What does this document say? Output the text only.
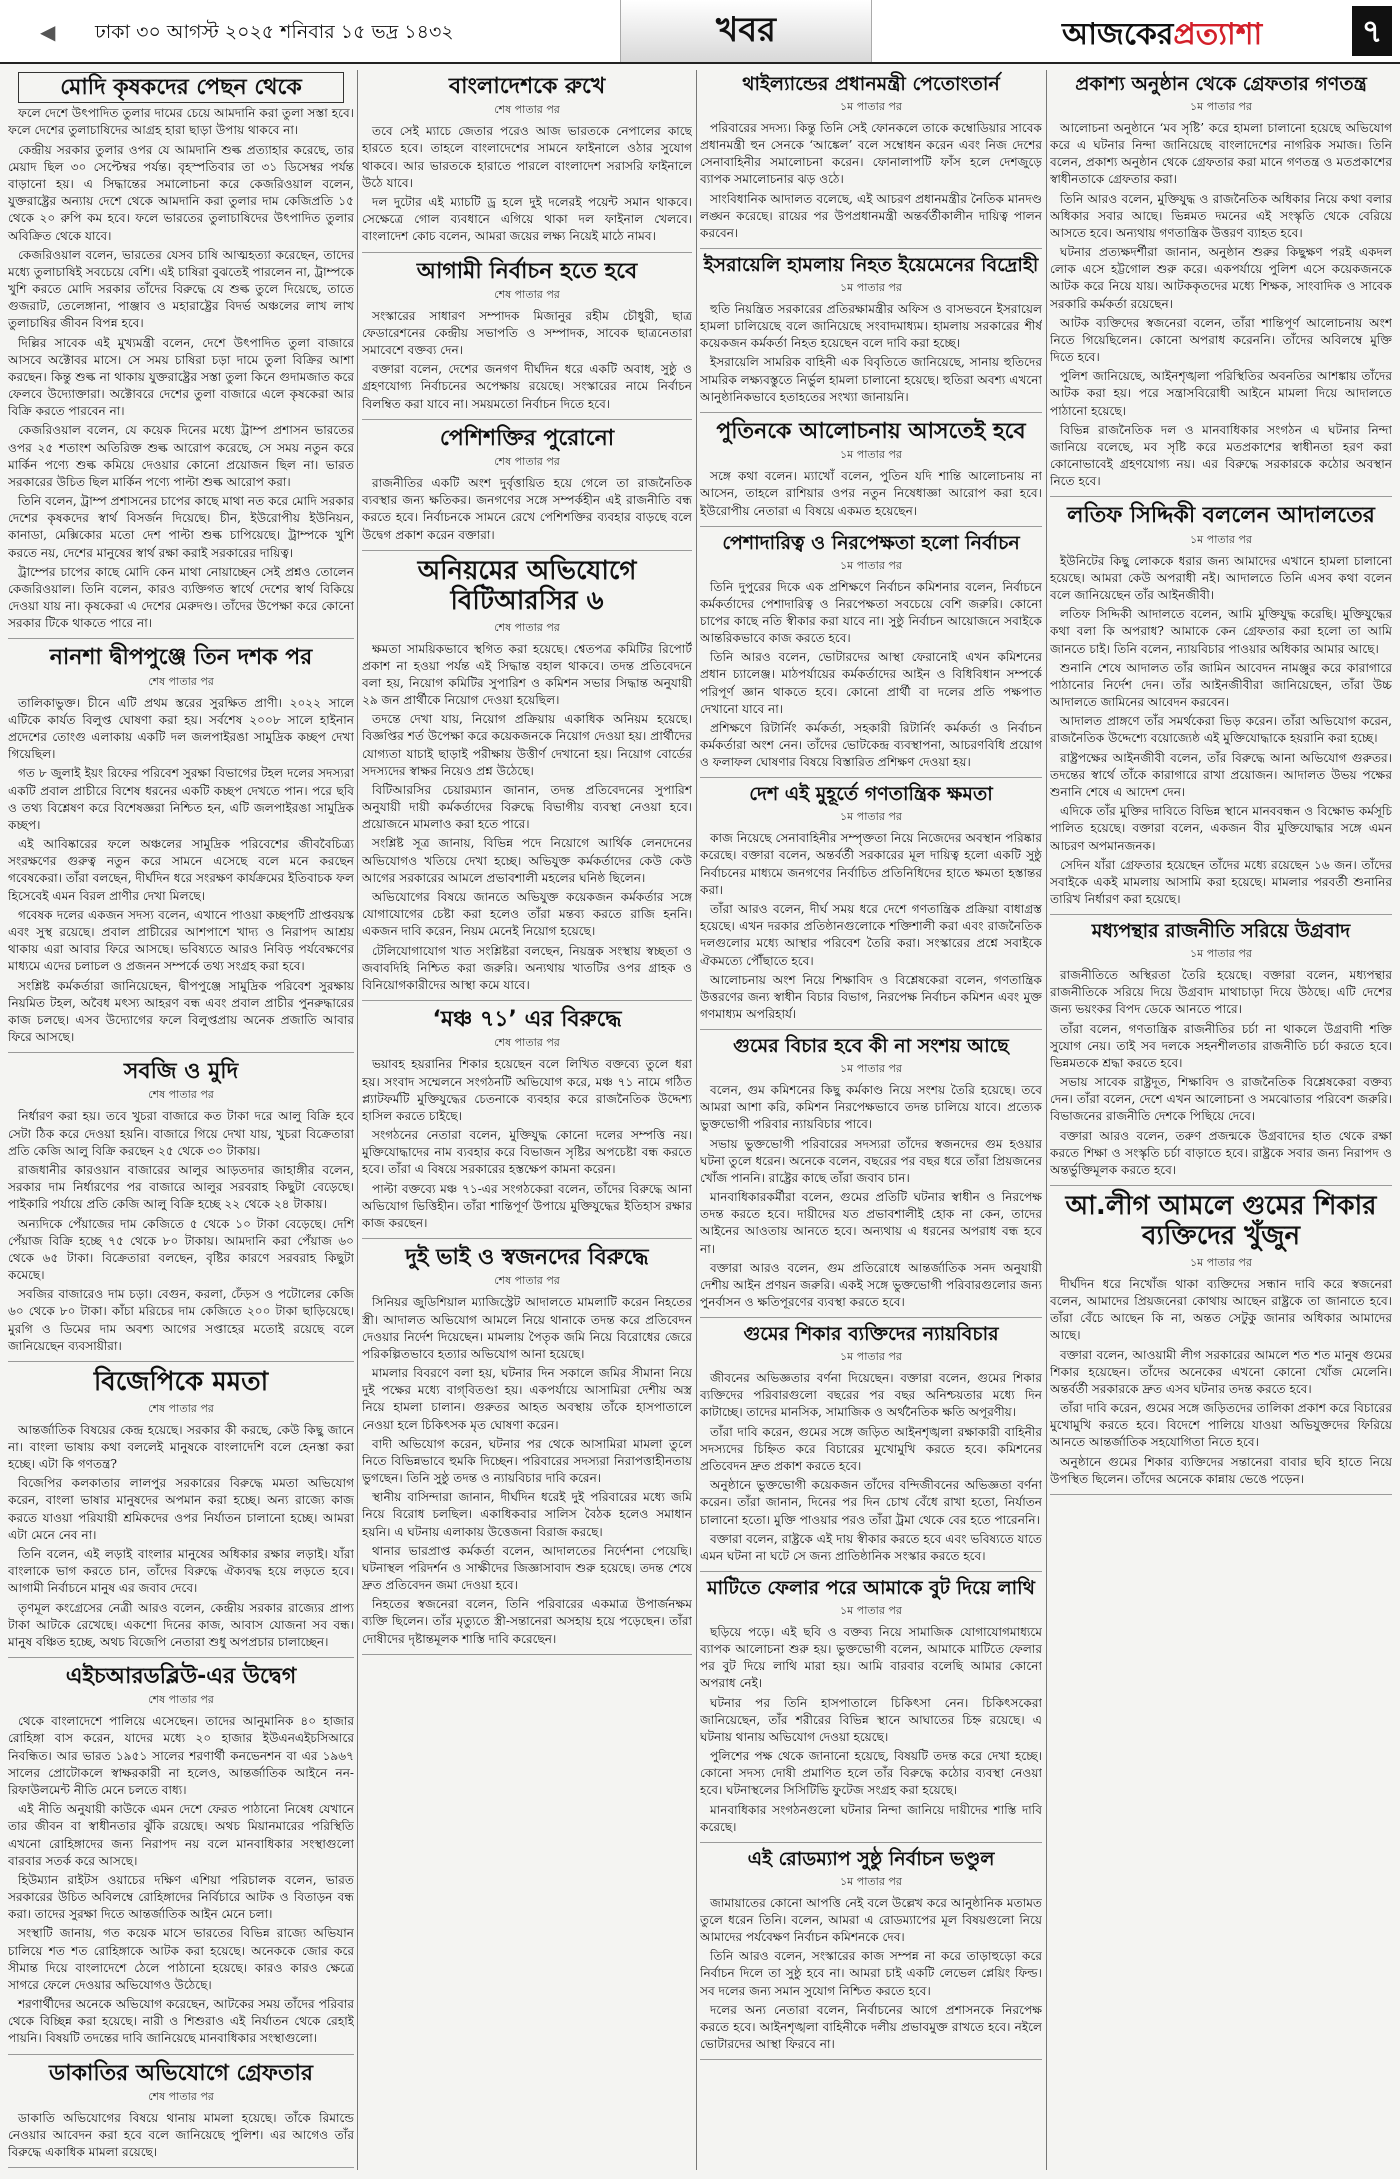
◀ ঢাকা ৩০ আগস্ট ২০২৫ শনিবার ১৫ ভদ্র ১৪৩২	খবর	আজকেরপ্রত্যাশা	৭
মোদি কৃষকদের পেছন থেকে

ফলে দেশে উৎপাদিত তুলার দামের চেয়ে আমদানি করা তুলা সস্তা হবে। ফলে দেশের তুলাচাষিদের আগ্রহ হারা ছাড়া উপায় থাকবে না।

কেন্দ্রীয় সরকার তুলার ওপর যে আমদানি শুল্ক প্রত্যাহার করেছে, তার মেয়াদ ছিল ৩০ সেপ্টেম্বর পর্যন্ত। বৃহস্পতিবার তা ৩১ ডিসেম্বর পর্যন্ত বাড়ানো হয়। এ সিদ্ধান্তের সমালোচনা করে কেজরিওয়াল বলেন, যুক্তরাষ্ট্রের অন্যায় দেশে থেকে আমদানি করা তুলার দাম কেজিপ্রতি ১৫ থেকে ২০ রুপি কম হবে। ফলে ভারতের তুলাচাষিদের উৎপাদিত তুলার অবিক্রিত থেকে যাবে।

কেজরিওয়াল বলেন, ভারতের যেসব চাষি আত্মহত্যা করেছেন, তাদের মধ্যে তুলাচাষিই সবচেয়ে বেশি। এই চাষিরা বুঝতেই পারলেন না, ট্রাম্পকে খুশি করতে মোদি সরকার তাঁদের বিরুদ্ধে যে শুল্ক তুলে দিয়েছে, তাতে গুজরাট, তেলেঙ্গানা, পাঞ্জাব ও মহারাষ্ট্রের বিদর্ভ অঞ্চলের লাখ লাখ তুলাচাষির জীবন বিপন্ন হবে।

দিল্লির সাবেক এই মুখ্যমন্ত্রী বলেন, দেশে উৎপাদিত তুলা বাজারে আসবে অক্টোবর মাসে। সে সময় চাষিরা চড়া দামে তুলা বিক্রির আশা করছেন। কিন্তু শুল্ক না থাকায় যুক্তরাষ্ট্রের সস্তা তুলা কিনে গুদামজাত করে ফেলবে উদ্যোক্তারা। অক্টোবরে দেশের তুলা বাজারে এলে কৃষকেরা আর বিক্রি করতে পারবেন না।

কেজরিওয়াল বলেন, যে কয়েক দিনের মধ্যে ট্রাম্প প্রশাসন ভারতের ওপর ২৫ শতাংশ অতিরিক্ত শুল্ক আরোপ করেছে, সে সময় নতুন করে মার্কিন পণ্যে শুল্ক কমিয়ে দেওয়ার কোনো প্রয়োজন ছিল না। ভারত সরকারের উচিত ছিল মার্কিন পণ্যে পাল্টা শুল্ক আরোপ করা।

তিনি বলেন, ট্রাম্প প্রশাসনের চাপের কাছে মাথা নত করে মোদি সরকার দেশের কৃষকদের স্বার্থ বিসর্জন দিয়েছে। চীন, ইউরোপীয় ইউনিয়ন, কানাডা, মেক্সিকোর মতো দেশ পাল্টা শুল্ক চাপিয়েছে। ট্রাম্পকে খুশি করতে নয়, দেশের মানুষের স্বার্থ রক্ষা করাই সরকারের দায়িত্ব।

ট্রাম্পের চাপের কাছে মোদি কেন মাথা নোয়াচ্ছেন সেই প্রশ্নও তোলেন কেজরিওয়াল। তিনি বলেন, কারও ব্যক্তিগত স্বার্থে দেশের স্বার্থ বিকিয়ে দেওয়া যায় না। কৃষকেরা এ দেশের মেরুদণ্ড। তাঁদের উপেক্ষা করে কোনো সরকার টিকে থাকতে পারে না।

নানশা দ্বীপপুঞ্জে তিন দশক পর
শেষ পাতার পর

তালিকাভুক্ত। চীনে এটি প্রথম স্তরের সুরক্ষিত প্রাণী। ২০২২ সালে এটিকে কার্যত বিলুপ্ত ঘোষণা করা হয়। সর্বশেষ ২০০৮ সালে হাইনান প্রদেশের তোংগু এলাকায় একটি দল জলপাইরঙা সামুদ্রিক কচ্ছপ দেখা গিয়েছিল।

গত ৮ জুলাই ইয়ং রিফের পরিবেশ সুরক্ষা বিভাগের টহল দলের সদস্যরা একটি প্রবাল প্রাচীরে বিশেষ ধরনের একটি কচ্ছপ দেখতে পান। পরে ছবি ও তথ্য বিশ্লেষণ করে বিশেষজ্ঞরা নিশ্চিত হন, এটি জলপাইরঙা সামুদ্রিক কচ্ছপ।

এই আবিষ্কারের ফলে অঞ্চলের সামুদ্রিক পরিবেশের জীববৈচিত্র্য সংরক্ষণের গুরুত্ব নতুন করে সামনে এসেছে বলে মনে করছেন গবেষকেরা। তাঁরা বলছেন, দীর্ঘদিন ধরে সংরক্ষণ কার্যক্রমের ইতিবাচক ফল হিসেবেই এমন বিরল প্রাণীর দেখা মিলছে।

গবেষক দলের একজন সদস্য বলেন, এখানে পাওয়া কচ্ছপটি প্রাপ্তবয়স্ক এবং সুস্থ রয়েছে। প্রবাল প্রাচীরের আশপাশে খাদ্য ও নিরাপদ আশ্রয় থাকায় এরা আবার ফিরে আসছে। ভবিষ্যতে আরও নিবিড় পর্যবেক্ষণের মাধ্যমে এদের চলাচল ও প্রজনন সম্পর্কে তথ্য সংগ্রহ করা হবে।

সংশ্লিষ্ট কর্মকর্তারা জানিয়েছেন, দ্বীপপুঞ্জে সামুদ্রিক পরিবেশ সুরক্ষায় নিয়মিত টহল, অবৈধ মৎস্য আহরণ বন্ধ এবং প্রবাল প্রাচীর পুনরুদ্ধারের কাজ চলছে। এসব উদ্যোগের ফলে বিলুপ্তপ্রায় অনেক প্রজাতি আবার ফিরে আসছে।

সবজি ও মুদি
শেষ পাতার পর

নির্ধারণ করা হয়। তবে খুচরা বাজারে কত টাকা দরে আলু বিক্রি হবে সেটা ঠিক করে দেওয়া হয়নি। বাজারে গিয়ে দেখা যায়, খুচরা বিক্রেতারা প্রতি কেজি আলু বিক্রি করছেন ২৫ থেকে ৩০ টাকায়।

রাজধানীর কারওয়ান বাজারের আলুর আড়তদার জাহাঙ্গীর বলেন, সরকার দাম নির্ধারণের পর বাজারে আলুর সরবরাহ কিছুটা বেড়েছে। পাইকারি পর্যায়ে প্রতি কেজি আলু বিক্রি হচ্ছে ২২ থেকে ২৪ টাকায়।

অন্যদিকে পেঁয়াজের দাম কেজিতে ৫ থেকে ১০ টাকা বেড়েছে। দেশি পেঁয়াজ বিক্রি হচ্ছে ৭৫ থেকে ৮০ টাকায়। আমদানি করা পেঁয়াজ ৬০ থেকে ৬৫ টাকা। বিক্রেতারা বলছেন, বৃষ্টির কারণে সরবরাহ কিছুটা কমেছে।

সবজির বাজারেও দাম চড়া। বেগুন, করলা, ঢেঁড়স ও পটোলের কেজি ৬০ থেকে ৮০ টাকা। কাঁচা মরিচের দাম কেজিতে ২০০ টাকা ছাড়িয়েছে। মুরগি ও ডিমের দাম অবশ্য আগের সপ্তাহের মতোই রয়েছে বলে জানিয়েছেন ব্যবসায়ীরা।

বিজেপিকে মমতা
শেষ পাতার পর

আন্তর্জাতিক বিষয়ের কেন্দ্র হয়েছে। সরকার কী করছে, কেউ কিছু জানে না। বাংলা ভাষায় কথা বললেই মানুষকে বাংলাদেশি বলে হেনস্তা করা হচ্ছে। এটা কি গণতন্ত্র?

বিজেপির কলকাতার লালপুর সরকারের বিরুদ্ধে মমতা অভিযোগ করেন, বাংলা ভাষার মানুষদের অপমান করা হচ্ছে। অন্য রাজ্যে কাজ করতে যাওয়া পরিযায়ী শ্রমিকদের ওপর নির্যাতন চালানো হচ্ছে। আমরা এটা মেনে নেব না।

তিনি বলেন, এই লড়াই বাংলার মানুষের অধিকার রক্ষার লড়াই। যাঁরা বাংলাকে ভাগ করতে চান, তাঁদের বিরুদ্ধে ঐক্যবদ্ধ হয়ে লড়তে হবে। আগামী নির্বাচনে মানুষ এর জবাব দেবে।

তৃণমূল কংগ্রেসের নেত্রী আরও বলেন, কেন্দ্রীয় সরকার রাজ্যের প্রাপ্য টাকা আটকে রেখেছে। একশো দিনের কাজ, আবাস যোজনা সব বন্ধ। মানুষ বঞ্চিত হচ্ছে, অথচ বিজেপি নেতারা শুধু অপপ্রচার চালাচ্ছেন।

এইচআরডব্লিউ-এর উদ্বেগ
শেষ পাতার পর

থেকে বাংলাদেশে পালিয়ে এসেছেন। তাদের আনুমানিক ৪০ হাজার রোহিঙ্গা বাস করেন, যাদের মধ্যে ২০ হাজার ইউএনএইচসিআরে নিবন্ধিত। আর ভারত ১৯৫১ সালের শরণার্থী কনভেনশন বা এর ১৯৬৭ সালের প্রোটোকলে স্বাক্ষরকারী না হলেও, আন্তর্জাতিক আইনে নন-রিফাউলমেন্ট নীতি মেনে চলতে বাধ্য।

এই নীতি অনুযায়ী কাউকে এমন দেশে ফেরত পাঠানো নিষেধ যেখানে তার জীবন বা স্বাধীনতার ঝুঁকি রয়েছে। অথচ মিয়ানমারের পরিস্থিতি এখনো রোহিঙ্গাদের জন্য নিরাপদ নয় বলে মানবাধিকার সংস্থাগুলো বারবার সতর্ক করে আসছে।

হিউম্যান রাইটস ওয়াচের দক্ষিণ এশিয়া পরিচালক বলেন, ভারত সরকারের উচিত অবিলম্বে রোহিঙ্গাদের নির্বিচারে আটক ও বিতাড়ন বন্ধ করা। তাদের সুরক্ষা দিতে আন্তর্জাতিক আইন মেনে চলা।

সংস্থাটি জানায়, গত কয়েক মাসে ভারতের বিভিন্ন রাজ্যে অভিযান চালিয়ে শত শত রোহিঙ্গাকে আটক করা হয়েছে। অনেককে জোর করে সীমান্ত দিয়ে বাংলাদেশে ঠেলে পাঠানো হয়েছে। কারও কারও ক্ষেত্রে সাগরে ফেলে দেওয়ার অভিযোগও উঠেছে।

শরণার্থীদের অনেকে অভিযোগ করেছেন, আটকের সময় তাঁদের পরিবার থেকে বিচ্ছিন্ন করা হয়েছে। নারী ও শিশুরাও এই নির্যাতন থেকে রেহাই পায়নি। বিষয়টি তদন্তের দাবি জানিয়েছে মানবাধিকার সংস্থাগুলো।

ডাকাতির অভিযোগে গ্রেফতার
শেষ পাতার পর

ডাকাতি অভিযোগের বিষয়ে থানায় মামলা হয়েছে। তাঁকে রিমান্ডে নেওয়ার আবেদন করা হবে বলে জানিয়েছে পুলিশ। এর আগেও তাঁর বিরুদ্ধে একাধিক মামলা রয়েছে।

বাংলাদেশকে রুখে
শেষ পাতার পর

তবে সেই ম্যাচে জেতার পরেও আজ ভারতকে নেপালের কাছে হারতে হবে। তাহলে বাংলাদেশের সামনে ফাইনালে ওঠার সুযোগ থাকবে। আর ভারতকে হারাতে পারলে বাংলাদেশ সরাসরি ফাইনালে উঠে যাবে।

দল দুটোর এই ম্যাচটি ড্র হলে দুই দলেরই পয়েন্ট সমান থাকবে। সেক্ষেত্রে গোল ব্যবধানে এগিয়ে থাকা দল ফাইনাল খেলবে। বাংলাদেশ কোচ বলেন, আমরা জয়ের লক্ষ্য নিয়েই মাঠে নামব।

আগামী নির্বাচন হতে হবে
শেষ পাতার পর

সংস্কারের সাধারণ সম্পাদক মিজানুর রহীম চৌধুরী, ছাত্র ফেডারেশনের কেন্দ্রীয় সভাপতি ও সম্পাদক, সাবেক ছাত্রনেতারা সমাবেশে বক্তব্য দেন।

বক্তারা বলেন, দেশের জনগণ দীর্ঘদিন ধরে একটি অবাধ, সুষ্ঠু ও গ্রহণযোগ্য নির্বাচনের অপেক্ষায় রয়েছে। সংস্কারের নামে নির্বাচন বিলম্বিত করা যাবে না। সময়মতো নির্বাচন দিতে হবে।

পেশিশক্তির পুরোনো
শেষ পাতার পর

রাজনীতির একটি অংশ দুর্বৃত্তায়িত হয়ে গেলে তা রাজনৈতিক ব্যবস্থার জন্য ক্ষতিকর। জনগণের সঙ্গে সম্পর্কহীন এই রাজনীতি বন্ধ করতে হবে। নির্বাচনকে সামনে রেখে পেশিশক্তির ব্যবহার বাড়ছে বলে উদ্বেগ প্রকাশ করেন বক্তারা।

অনিয়মের অভিযোগে বিটিআরসির ৬
শেষ পাতার পর

ক্ষমতা সাময়িকভাবে স্থগিত করা হয়েছে। শ্বেতপত্র কমিটির রিপোর্ট প্রকাশ না হওয়া পর্যন্ত এই সিদ্ধান্ত বহাল থাকবে। তদন্ত প্রতিবেদনে বলা হয়, নিয়োগ কমিটির সুপারিশ ও কমিশন সভার সিদ্ধান্ত অনুযায়ী ২৯ জন প্রার্থীকে নিয়োগ দেওয়া হয়েছিল।

তদন্তে দেখা যায়, নিয়োগ প্রক্রিয়ায় একাধিক অনিয়ম হয়েছে। বিজ্ঞপ্তির শর্ত উপেক্ষা করে কয়েকজনকে নিয়োগ দেওয়া হয়। প্রার্থীদের যোগ্যতা যাচাই ছাড়াই পরীক্ষায় উত্তীর্ণ দেখানো হয়। নিয়োগ বোর্ডের সদস্যদের স্বাক্ষর নিয়েও প্রশ্ন উঠেছে।

বিটিআরসির চেয়ারম্যান জানান, তদন্ত প্রতিবেদনের সুপারিশ অনুযায়ী দায়ী কর্মকর্তাদের বিরুদ্ধে বিভাগীয় ব্যবস্থা নেওয়া হবে। প্রয়োজনে মামলাও করা হতে পারে।

সংশ্লিষ্ট সূত্র জানায়, বিভিন্ন পদে নিয়োগে আর্থিক লেনদেনের অভিযোগও খতিয়ে দেখা হচ্ছে। অভিযুক্ত কর্মকর্তাদের কেউ কেউ আগের সরকারের আমলে প্রভাবশালী মহলের ঘনিষ্ঠ ছিলেন।

অভিযোগের বিষয়ে জানতে অভিযুক্ত কয়েকজন কর্মকর্তার সঙ্গে যোগাযোগের চেষ্টা করা হলেও তাঁরা মন্তব্য করতে রাজি হননি। একজন দাবি করেন, নিয়ম মেনেই নিয়োগ হয়েছে।

টেলিযোগাযোগ খাত সংশ্লিষ্টরা বলছেন, নিয়ন্ত্রক সংস্থায় স্বচ্ছতা ও জবাবদিহি নিশ্চিত করা জরুরি। অন্যথায় খাতটির ওপর গ্রাহক ও বিনিয়োগকারীদের আস্থা কমে যাবে।

‘মঞ্চ ৭১’ এর বিরুদ্ধে
শেষ পাতার পর

ভয়াবহ হয়রানির শিকার হয়েছেন বলে লিখিত বক্তব্যে তুলে ধরা হয়। সংবাদ সম্মেলনে সংগঠনটি অভিযোগ করে, মঞ্চ ৭১ নামে গঠিত প্ল্যাটফর্মটি মুক্তিযুদ্ধের চেতনাকে ব্যবহার করে রাজনৈতিক উদ্দেশ্য হাসিল করতে চাইছে।

সংগঠনের নেতারা বলেন, মুক্তিযুদ্ধ কোনো দলের সম্পত্তি নয়। মুক্তিযোদ্ধাদের নাম ব্যবহার করে বিভাজন সৃষ্টির অপচেষ্টা বন্ধ করতে হবে। তাঁরা এ বিষয়ে সরকারের হস্তক্ষেপ কামনা করেন।

পাল্টা বক্তব্যে মঞ্চ ৭১-এর সংগঠকেরা বলেন, তাঁদের বিরুদ্ধে আনা অভিযোগ ভিত্তিহীন। তাঁরা শান্তিপূর্ণ উপায়ে মুক্তিযুদ্ধের ইতিহাস রক্ষার কাজ করছেন।

দুই ভাই ও স্বজনদের বিরুদ্ধে
শেষ পাতার পর

সিনিয়র জুডিশিয়াল ম্যাজিস্ট্রেট আদালতে মামলাটি করেন নিহতের স্ত্রী। আদালত অভিযোগ আমলে নিয়ে থানাকে তদন্ত করে প্রতিবেদন দেওয়ার নির্দেশ দিয়েছেন। মামলায় পৈতৃক জমি নিয়ে বিরোধের জেরে পরিকল্পিতভাবে হত্যার অভিযোগ আনা হয়েছে।

মামলার বিবরণে বলা হয়, ঘটনার দিন সকালে জমির সীমানা নিয়ে দুই পক্ষের মধ্যে বাগ্‌বিতণ্ডা হয়। একপর্যায়ে আসামিরা দেশীয় অস্ত্র নিয়ে হামলা চালান। গুরুতর আহত অবস্থায় তাঁকে হাসপাতালে নেওয়া হলে চিকিৎসক মৃত ঘোষণা করেন।

বাদী অভিযোগ করেন, ঘটনার পর থেকে আসামিরা মামলা তুলে নিতে বিভিন্নভাবে হুমকি দিচ্ছেন। পরিবারের সদস্যরা নিরাপত্তাহীনতায় ভুগছেন। তিনি সুষ্ঠু তদন্ত ও ন্যায়বিচার দাবি করেন।

স্থানীয় বাসিন্দারা জানান, দীর্ঘদিন ধরেই দুই পরিবারের মধ্যে জমি নিয়ে বিরোধ চলছিল। একাধিকবার সালিস বৈঠক হলেও সমাধান হয়নি। এ ঘটনায় এলাকায় উত্তেজনা বিরাজ করছে।

থানার ভারপ্রাপ্ত কর্মকর্তা বলেন, আদালতের নির্দেশনা পেয়েছি। ঘটনাস্থল পরিদর্শন ও সাক্ষীদের জিজ্ঞাসাবাদ শুরু হয়েছে। তদন্ত শেষে দ্রুত প্রতিবেদন জমা দেওয়া হবে।

নিহতের স্বজনেরা বলেন, তিনি পরিবারের একমাত্র উপার্জনক্ষম ব্যক্তি ছিলেন। তাঁর মৃত্যুতে স্ত্রী-সন্তানেরা অসহায় হয়ে পড়েছেন। তাঁরা দোষীদের দৃষ্টান্তমূলক শাস্তি দাবি করেছেন।

থাইল্যান্ডের প্রধানমন্ত্রী পেতোংতার্ন
১ম পাতার পর

পরিবারের সদস্য। কিন্তু তিনি সেই ফোনকলে তাকে কম্বোডিয়ার সাবেক প্রধানমন্ত্রী হুন সেনকে ‘আঙ্কেল’ বলে সম্বোধন করেন এবং নিজ দেশের সেনাবাহিনীর সমালোচনা করেন। ফোনালাপটি ফাঁস হলে দেশজুড়ে ব্যাপক সমালোচনার ঝড় ওঠে।

সাংবিধানিক আদালত বলেছে, এই আচরণ প্রধানমন্ত্রীর নৈতিক মানদণ্ড লঙ্ঘন করেছে। রায়ের পর উপপ্রধানমন্ত্রী অন্তর্বর্তীকালীন দায়িত্ব পালন করবেন।

ইসরায়েলি হামলায় নিহত ইয়েমেনের বিদ্রোহী
১ম পাতার পর

হুতি নিয়ন্ত্রিত সরকারের প্রতিরক্ষামন্ত্রীর অফিস ও বাসভবনে ইসরায়েল হামলা চালিয়েছে বলে জানিয়েছে সংবাদমাধ্যম। হামলায় সরকারের শীর্ষ কয়েকজন কর্মকর্তা নিহত হয়েছেন বলে দাবি করা হচ্ছে।

ইসরায়েলি সামরিক বাহিনী এক বিবৃতিতে জানিয়েছে, সানায় হুতিদের সামরিক লক্ষ্যবস্তুতে নির্ভুল হামলা চালানো হয়েছে। হুতিরা অবশ্য এখনো আনুষ্ঠানিকভাবে হতাহতের সংখ্যা জানায়নি।

পুতিনকে আলোচনায় আসতেই হবে
১ম পাতার পর

সঙ্গে কথা বলেন। ম্যাখোঁ বলেন, পুতিন যদি শান্তি আলোচনায় না আসেন, তাহলে রাশিয়ার ওপর নতুন নিষেধাজ্ঞা আরোপ করা হবে। ইউরোপীয় নেতারা এ বিষয়ে একমত হয়েছেন।

পেশাদারিত্ব ও নিরপেক্ষতা হলো নির্বাচন
১ম পাতার পর

তিনি দুপুরের দিকে এক প্রশিক্ষণে নির্বাচন কমিশনার বলেন, নির্বাচনে কর্মকর্তাদের পেশাদারিত্ব ও নিরপেক্ষতা সবচেয়ে বেশি জরুরি। কোনো চাপের কাছে নতি স্বীকার করা যাবে না। সুষ্ঠু নির্বাচন আয়োজনে সবাইকে আন্তরিকভাবে কাজ করতে হবে।

তিনি আরও বলেন, ভোটারদের আস্থা ফেরানোই এখন কমিশনের প্রধান চ্যালেঞ্জ। মাঠপর্যায়ের কর্মকর্তাদের আইন ও বিধিবিধান সম্পর্কে পরিপূর্ণ জ্ঞান থাকতে হবে। কোনো প্রার্থী বা দলের প্রতি পক্ষপাত দেখানো যাবে না।

প্রশিক্ষণে রিটার্নিং কর্মকর্তা, সহকারী রিটার্নিং কর্মকর্তা ও নির্বাচন কর্মকর্তারা অংশ নেন। তাঁদের ভোটকেন্দ্র ব্যবস্থাপনা, আচরণবিধি প্রয়োগ ও ফলাফল ঘোষণার বিষয়ে বিস্তারিত প্রশিক্ষণ দেওয়া হয়।

দেশ এই মুহূর্তে গণতান্ত্রিক ক্ষমতা
১ম পাতার পর

কাজ নিয়েছে সেনাবাহিনীর সম্পৃক্ততা নিয়ে নিজেদের অবস্থান পরিষ্কার করেছে। বক্তারা বলেন, অন্তর্বর্তী সরকারের মূল দায়িত্ব হলো একটি সুষ্ঠু নির্বাচনের মাধ্যমে জনগণের নির্বাচিত প্রতিনিধিদের হাতে ক্ষমতা হস্তান্তর করা।

তাঁরা আরও বলেন, দীর্ঘ সময় ধরে দেশে গণতান্ত্রিক প্রক্রিয়া বাধাগ্রস্ত হয়েছে। এখন দরকার প্রতিষ্ঠানগুলোকে শক্তিশালী করা এবং রাজনৈতিক দলগুলোর মধ্যে আস্থার পরিবেশ তৈরি করা। সংস্কারের প্রশ্নে সবাইকে ঐকমত্যে পৌঁছাতে হবে।

আলোচনায় অংশ নিয়ে শিক্ষাবিদ ও বিশ্লেষকেরা বলেন, গণতান্ত্রিক উত্তরণের জন্য স্বাধীন বিচার বিভাগ, নিরপেক্ষ নির্বাচন কমিশন এবং মুক্ত গণমাধ্যম অপরিহার্য।

গুমের বিচার হবে কী না সংশয় আছে
১ম পাতার পর

বলেন, গুম কমিশনের কিছু কর্মকাণ্ড নিয়ে সংশয় তৈরি হয়েছে। তবে আমরা আশা করি, কমিশন নিরপেক্ষভাবে তদন্ত চালিয়ে যাবে। প্রত্যেক ভুক্তভোগী পরিবার ন্যায়বিচার পাবে।

সভায় ভুক্তভোগী পরিবারের সদস্যরা তাঁদের স্বজনদের গুম হওয়ার ঘটনা তুলে ধরেন। অনেকে বলেন, বছরের পর বছর ধরে তাঁরা প্রিয়জনের খোঁজ পাননি। রাষ্ট্রের কাছে তাঁরা জবাব চান।

মানবাধিকারকর্মীরা বলেন, গুমের প্রতিটি ঘটনার স্বাধীন ও নিরপেক্ষ তদন্ত করতে হবে। দায়ীদের যত প্রভাবশালীই হোক না কেন, তাদের আইনের আওতায় আনতে হবে। অন্যথায় এ ধরনের অপরাধ বন্ধ হবে না।

বক্তারা আরও বলেন, গুম প্রতিরোধে আন্তর্জাতিক সনদ অনুযায়ী দেশীয় আইন প্রণয়ন জরুরি। একই সঙ্গে ভুক্তভোগী পরিবারগুলোর জন্য পুনর্বাসন ও ক্ষতিপূরণের ব্যবস্থা করতে হবে।

গুমের শিকার ব্যক্তিদের ন্যায়বিচার
১ম পাতার পর

জীবনের অভিজ্ঞতার বর্ণনা দিয়েছেন। বক্তারা বলেন, গুমের শিকার ব্যক্তিদের পরিবারগুলো বছরের পর বছর অনিশ্চয়তার মধ্যে দিন কাটাচ্ছে। তাদের মানসিক, সামাজিক ও অর্থনৈতিক ক্ষতি অপূরণীয়।

তাঁরা দাবি করেন, গুমের সঙ্গে জড়িত আইনশৃঙ্খলা রক্ষাকারী বাহিনীর সদস্যদের চিহ্নিত করে বিচারের মুখোমুখি করতে হবে। কমিশনের প্রতিবেদন দ্রুত প্রকাশ করতে হবে।

অনুষ্ঠানে ভুক্তভোগী কয়েকজন তাঁদের বন্দিজীবনের অভিজ্ঞতা বর্ণনা করেন। তাঁরা জানান, দিনের পর দিন চোখ বেঁধে রাখা হতো, নির্যাতন চালানো হতো। মুক্তি পাওয়ার পরও তাঁরা ট্রমা থেকে বের হতে পারেননি।

বক্তারা বলেন, রাষ্ট্রকে এই দায় স্বীকার করতে হবে এবং ভবিষ্যতে যাতে এমন ঘটনা না ঘটে সে জন্য প্রাতিষ্ঠানিক সংস্কার করতে হবে।

মাটিতে ফেলার পরে আমাকে বুট দিয়ে লাথি
১ম পাতার পর

ছড়িয়ে পড়ে। এই ছবি ও বক্তব্য নিয়ে সামাজিক যোগাযোগমাধ্যমে ব্যাপক আলোচনা শুরু হয়। ভুক্তভোগী বলেন, আমাকে মাটিতে ফেলার পর বুট দিয়ে লাথি মারা হয়। আমি বারবার বলেছি আমার কোনো অপরাধ নেই।

ঘটনার পর তিনি হাসপাতালে চিকিৎসা নেন। চিকিৎসকেরা জানিয়েছেন, তাঁর শরীরের বিভিন্ন স্থানে আঘাতের চিহ্ন রয়েছে। এ ঘটনায় থানায় অভিযোগ দেওয়া হয়েছে।

পুলিশের পক্ষ থেকে জানানো হয়েছে, বিষয়টি তদন্ত করে দেখা হচ্ছে। কোনো সদস্য দোষী প্রমাণিত হলে তাঁর বিরুদ্ধে কঠোর ব্যবস্থা নেওয়া হবে। ঘটনাস্থলের সিসিটিভি ফুটেজ সংগ্রহ করা হয়েছে।

মানবাধিকার সংগঠনগুলো ঘটনার নিন্দা জানিয়ে দায়ীদের শাস্তি দাবি করেছে।

এই রোডম্যাপ সুষ্ঠু নির্বাচন ভণ্ডুল
১ম পাতার পর

জামায়াতের কোনো আপত্তি নেই বলে উল্লেখ করে আনুষ্ঠানিক মতামত তুলে ধরেন তিনি। বলেন, আমরা এ রোডম্যাপের মূল বিষয়গুলো নিয়ে আমাদের পর্যবেক্ষণ নির্বাচন কমিশনকে দেব।

তিনি আরও বলেন, সংস্কারের কাজ সম্পন্ন না করে তাড়াহুড়ো করে নির্বাচন দিলে তা সুষ্ঠু হবে না। আমরা চাই একটি লেভেল প্লেয়িং ফিল্ড। সব দলের জন্য সমান সুযোগ নিশ্চিত করতে হবে।

দলের অন্য নেতারা বলেন, নির্বাচনের আগে প্রশাসনকে নিরপেক্ষ করতে হবে। আইনশৃঙ্খলা বাহিনীকে দলীয় প্রভাবমুক্ত রাখতে হবে। নইলে ভোটারদের আস্থা ফিরবে না।

প্রকাশ্য অনুষ্ঠান থেকে গ্রেফতার গণতন্ত্র
১ম পাতার পর

আলোচনা অনুষ্ঠানে ‘মব সৃষ্টি’ করে হামলা চালানো হয়েছে অভিযোগ করে এ ঘটনার নিন্দা জানিয়েছে বাংলাদেশের নাগরিক সমাজ। তিনি বলেন, প্রকাশ্য অনুষ্ঠান থেকে গ্রেফতার করা মানে গণতন্ত্র ও মতপ্রকাশের স্বাধীনতাকে গ্রেফতার করা।

তিনি আরও বলেন, মুক্তিযুদ্ধ ও রাজনৈতিক অধিকার নিয়ে কথা বলার অধিকার সবার আছে। ভিন্নমত দমনের এই সংস্কৃতি থেকে বেরিয়ে আসতে হবে। অন্যথায় গণতান্ত্রিক উত্তরণ ব্যাহত হবে।

ঘটনার প্রত্যক্ষদর্শীরা জানান, অনুষ্ঠান শুরুর কিছুক্ষণ পরই একদল লোক এসে হট্টগোল শুরু করে। একপর্যায়ে পুলিশ এসে কয়েকজনকে আটক করে নিয়ে যায়। আটককৃতদের মধ্যে শিক্ষক, সাংবাদিক ও সাবেক সরকারি কর্মকর্তা রয়েছেন।

আটক ব্যক্তিদের স্বজনেরা বলেন, তাঁরা শান্তিপূর্ণ আলোচনায় অংশ নিতে গিয়েছিলেন। কোনো অপরাধ করেননি। তাঁদের অবিলম্বে মুক্তি দিতে হবে।

পুলিশ জানিয়েছে, আইনশৃঙ্খলা পরিস্থিতির অবনতির আশঙ্কায় তাঁদের আটক করা হয়। পরে সন্ত্রাসবিরোধী আইনে মামলা দিয়ে আদালতে পাঠানো হয়েছে।

বিভিন্ন রাজনৈতিক দল ও মানবাধিকার সংগঠন এ ঘটনার নিন্দা জানিয়ে বলেছে, মব সৃষ্টি করে মতপ্রকাশের স্বাধীনতা হরণ করা কোনোভাবেই গ্রহণযোগ্য নয়। এর বিরুদ্ধে সরকারকে কঠোর অবস্থান নিতে হবে।

লতিফ সিদ্দিকী বললেন আদালতের
১ম পাতার পর

ইউনিটের কিছু লোককে ধরার জন্য আমাদের এখানে হামলা চালানো হয়েছে। আমরা কেউ অপরাধী নই। আদালতে তিনি এসব কথা বলেন বলে জানিয়েছেন তাঁর আইনজীবী।

লতিফ সিদ্দিকী আদালতে বলেন, আমি মুক্তিযুদ্ধ করেছি। মুক্তিযুদ্ধের কথা বলা কি অপরাধ? আমাকে কেন গ্রেফতার করা হলো তা আমি জানতে চাই। তিনি বলেন, ন্যায়বিচার পাওয়ার অধিকার আমার আছে।

শুনানি শেষে আদালত তাঁর জামিন আবেদন নামঞ্জুর করে কারাগারে পাঠানোর নির্দেশ দেন। তাঁর আইনজীবীরা জানিয়েছেন, তাঁরা উচ্চ আদালতে জামিনের আবেদন করবেন।

আদালত প্রাঙ্গণে তাঁর সমর্থকেরা ভিড় করেন। তাঁরা অভিযোগ করেন, রাজনৈতিক উদ্দেশ্যে বয়োজ্যেষ্ঠ এই মুক্তিযোদ্ধাকে হয়রানি করা হচ্ছে।

রাষ্ট্রপক্ষের আইনজীবী বলেন, তাঁর বিরুদ্ধে আনা অভিযোগ গুরুতর। তদন্তের স্বার্থে তাঁকে কারাগারে রাখা প্রয়োজন। আদালত উভয় পক্ষের শুনানি শেষে এ আদেশ দেন।

এদিকে তাঁর মুক্তির দাবিতে বিভিন্ন স্থানে মানববন্ধন ও বিক্ষোভ কর্মসূচি পালিত হয়েছে। বক্তারা বলেন, একজন বীর মুক্তিযোদ্ধার সঙ্গে এমন আচরণ অপমানজনক।

সেদিন যাঁরা গ্রেফতার হয়েছেন তাঁদের মধ্যে রয়েছেন ১৬ জন। তাঁদের সবাইকে একই মামলায় আসামি করা হয়েছে। মামলার পরবর্তী শুনানির তারিখ নির্ধারণ করা হয়েছে।

মধ্যপন্থার রাজনীতি সরিয়ে উগ্রবাদ
১ম পাতার পর

রাজনীতিতে অস্থিরতা তৈরি হয়েছে। বক্তারা বলেন, মধ্যপন্থার রাজনীতিকে সরিয়ে দিয়ে উগ্রবাদ মাথাচাড়া দিয়ে উঠছে। এটি দেশের জন্য ভয়ংকর বিপদ ডেকে আনতে পারে।

তাঁরা বলেন, গণতান্ত্রিক রাজনীতির চর্চা না থাকলে উগ্রবাদী শক্তি সুযোগ নেয়। তাই সব দলকে সহনশীলতার রাজনীতি চর্চা করতে হবে। ভিন্নমতকে শ্রদ্ধা করতে হবে।

সভায় সাবেক রাষ্ট্রদূত, শিক্ষাবিদ ও রাজনৈতিক বিশ্লেষকেরা বক্তব্য দেন। তাঁরা বলেন, দেশে এখন আলোচনা ও সমঝোতার পরিবেশ জরুরি। বিভাজনের রাজনীতি দেশকে পিছিয়ে দেবে।

বক্তারা আরও বলেন, তরুণ প্রজন্মকে উগ্রবাদের হাত থেকে রক্ষা করতে শিক্ষা ও সংস্কৃতি চর্চা বাড়াতে হবে। রাষ্ট্রকে সবার জন্য নিরাপদ ও অন্তর্ভুক্তিমূলক করতে হবে।

আ.লীগ আমলে গুমের শিকার ব্যক্তিদের খুঁজুন
১ম পাতার পর

দীর্ঘদিন ধরে নিখোঁজ থাকা ব্যক্তিদের সন্ধান দাবি করে স্বজনেরা বলেন, আমাদের প্রিয়জনেরা কোথায় আছেন রাষ্ট্রকে তা জানাতে হবে। তাঁরা বেঁচে আছেন কি না, অন্তত সেটুকু জানার অধিকার আমাদের আছে।

বক্তারা বলেন, আওয়ামী লীগ সরকারের আমলে শত শত মানুষ গুমের শিকার হয়েছেন। তাঁদের অনেকের এখনো কোনো খোঁজ মেলেনি। অন্তর্বর্তী সরকারকে দ্রুত এসব ঘটনার তদন্ত করতে হবে।

তাঁরা দাবি করেন, গুমের সঙ্গে জড়িতদের তালিকা প্রকাশ করে বিচারের মুখোমুখি করতে হবে। বিদেশে পালিয়ে যাওয়া অভিযুক্তদের ফিরিয়ে আনতে আন্তর্জাতিক সহযোগিতা নিতে হবে।

অনুষ্ঠানে গুমের শিকার ব্যক্তিদের সন্তানেরা বাবার ছবি হাতে নিয়ে উপস্থিত ছিলেন। তাঁদের অনেকে কান্নায় ভেঙে পড়েন।
